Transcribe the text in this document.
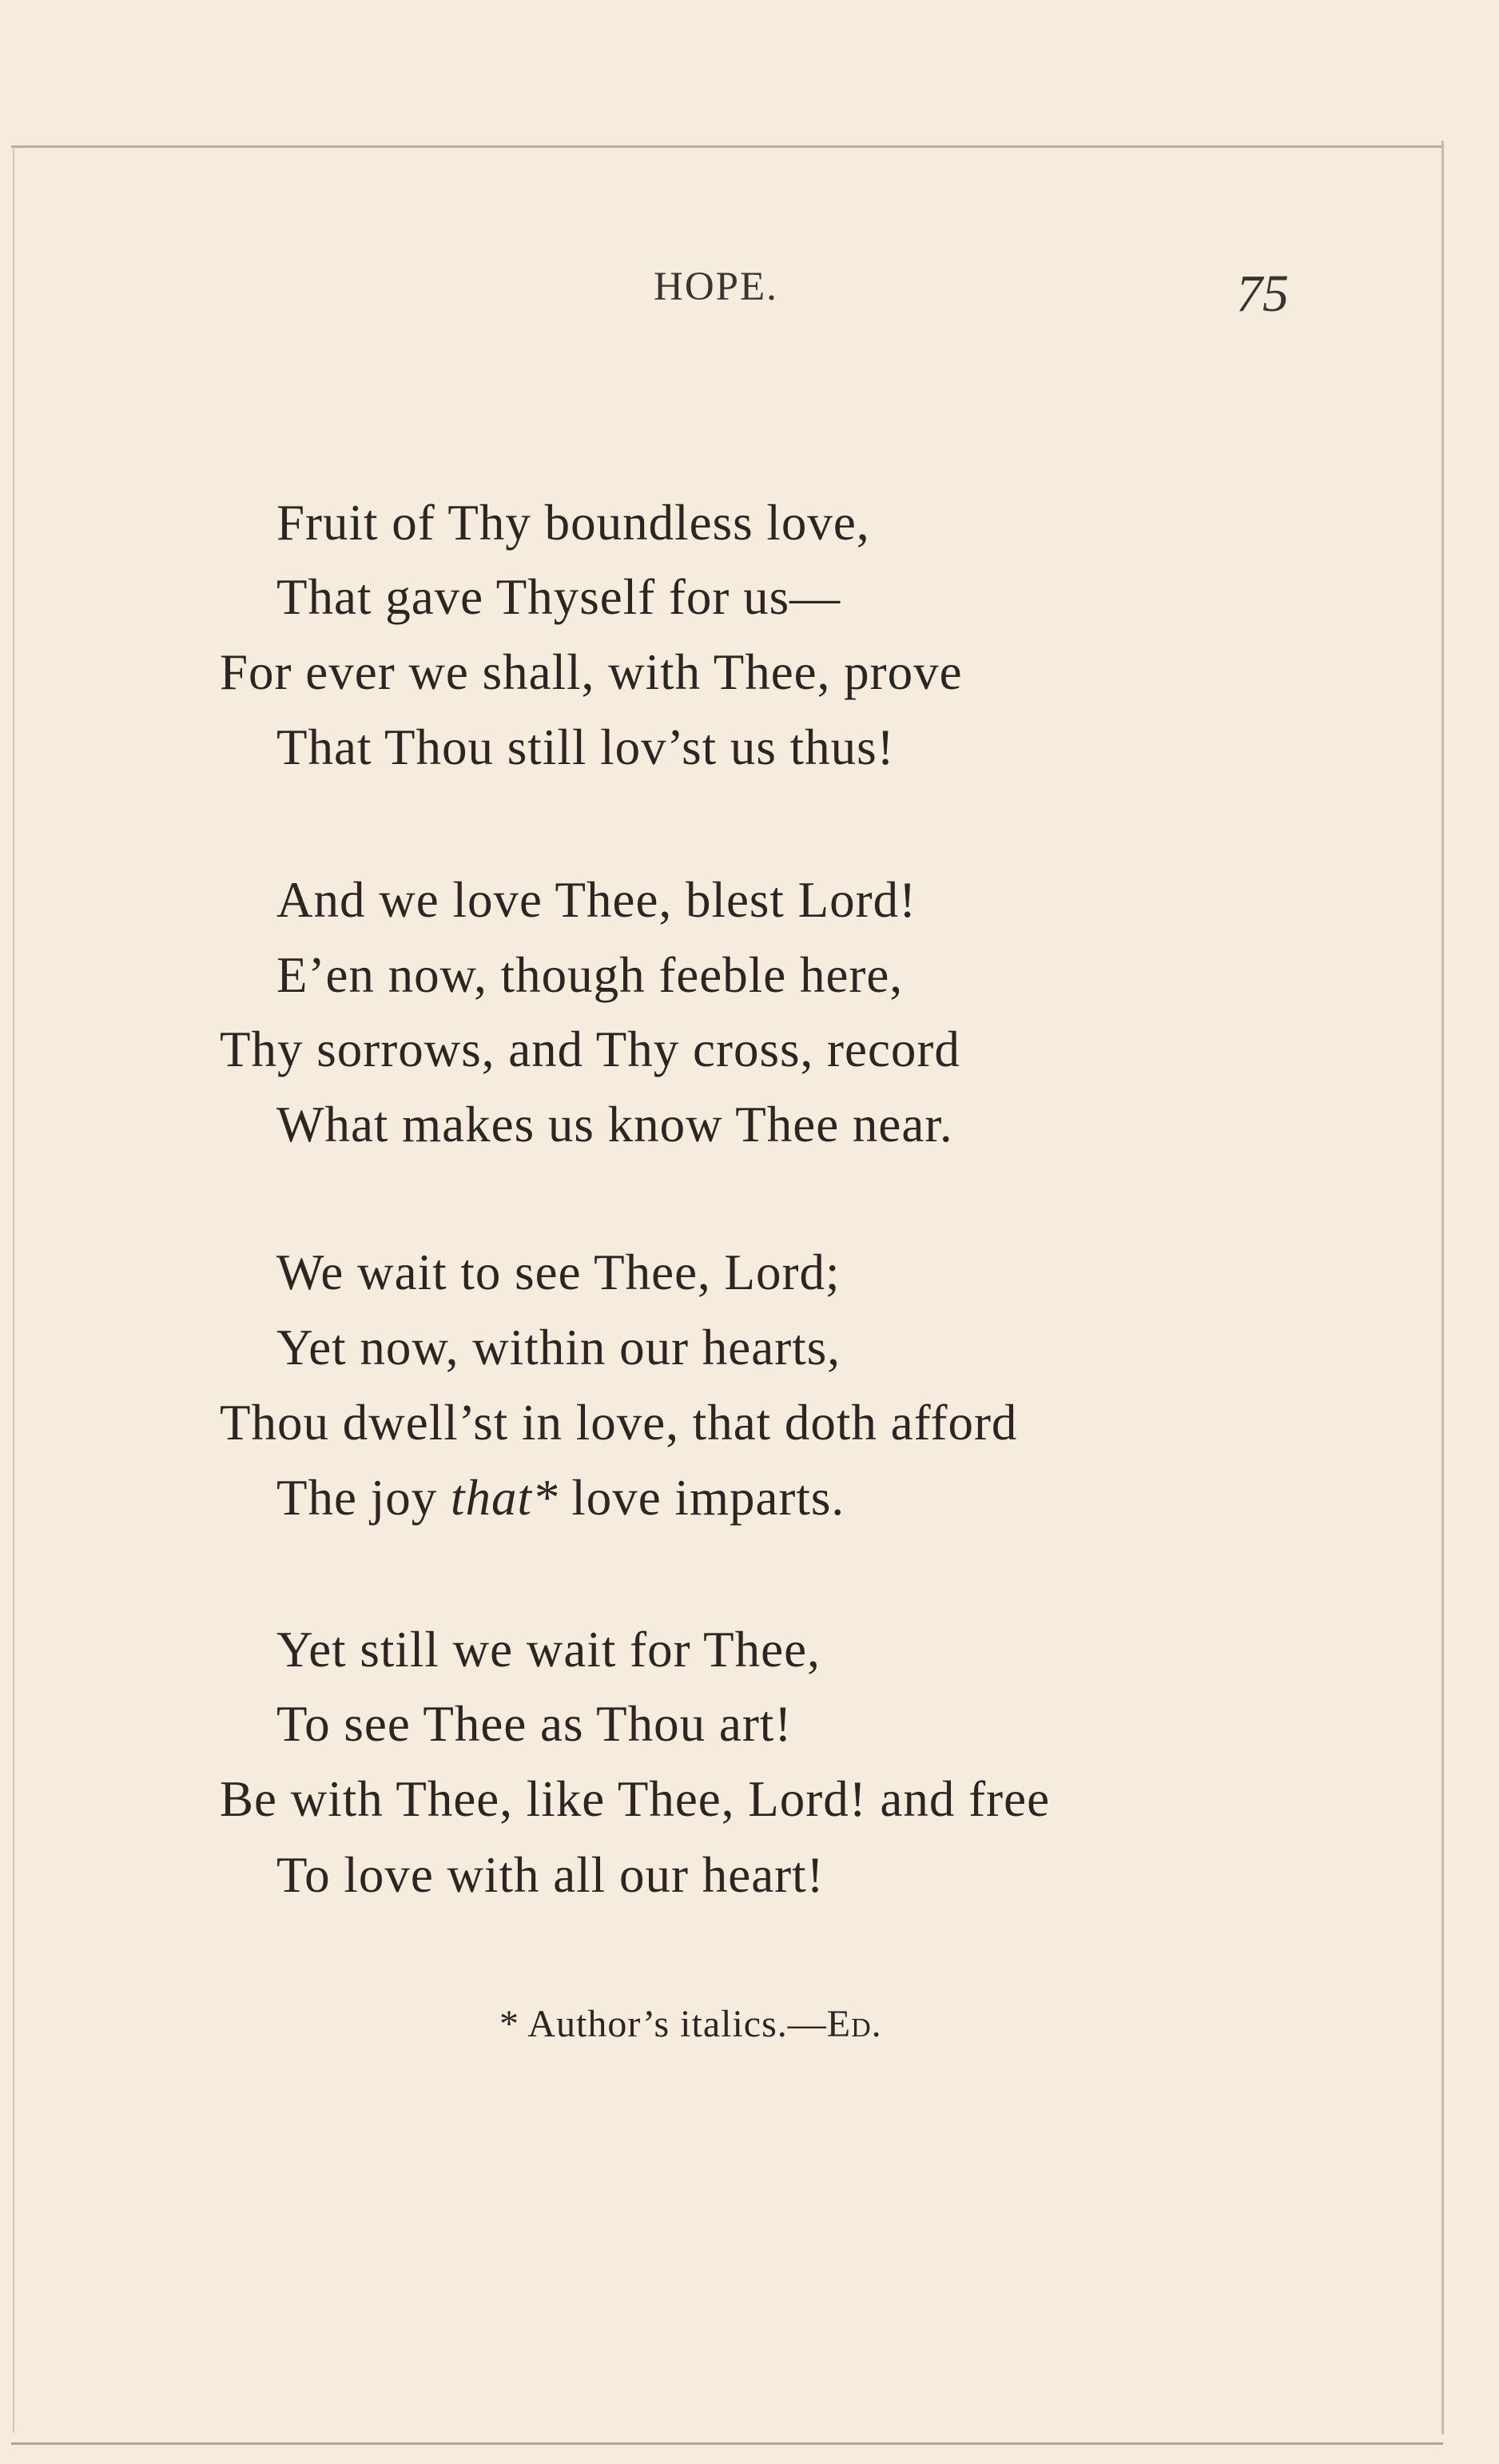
HOPE.	75
Fruit of Thy boundless love,
That gave Thyself for us—
For ever we shall, with Thee, prove
That Thou still lov’st us thus!
And we love Thee, blest Lord!
E’en now, though feeble here,
Thy sorrows, and Thy cross, record
What makes us know Thee near.
We wait to see Thee, Lord;
Yet now, within our hearts,
Thou dwell’st in love, that doth afford
The joy that* love imparts.
Yet still we wait for Thee,
To see Thee as Thou art!
Be with Thee, like Thee, Lord! and free
To love with all our heart!
* Author’s italics.—Ed.
